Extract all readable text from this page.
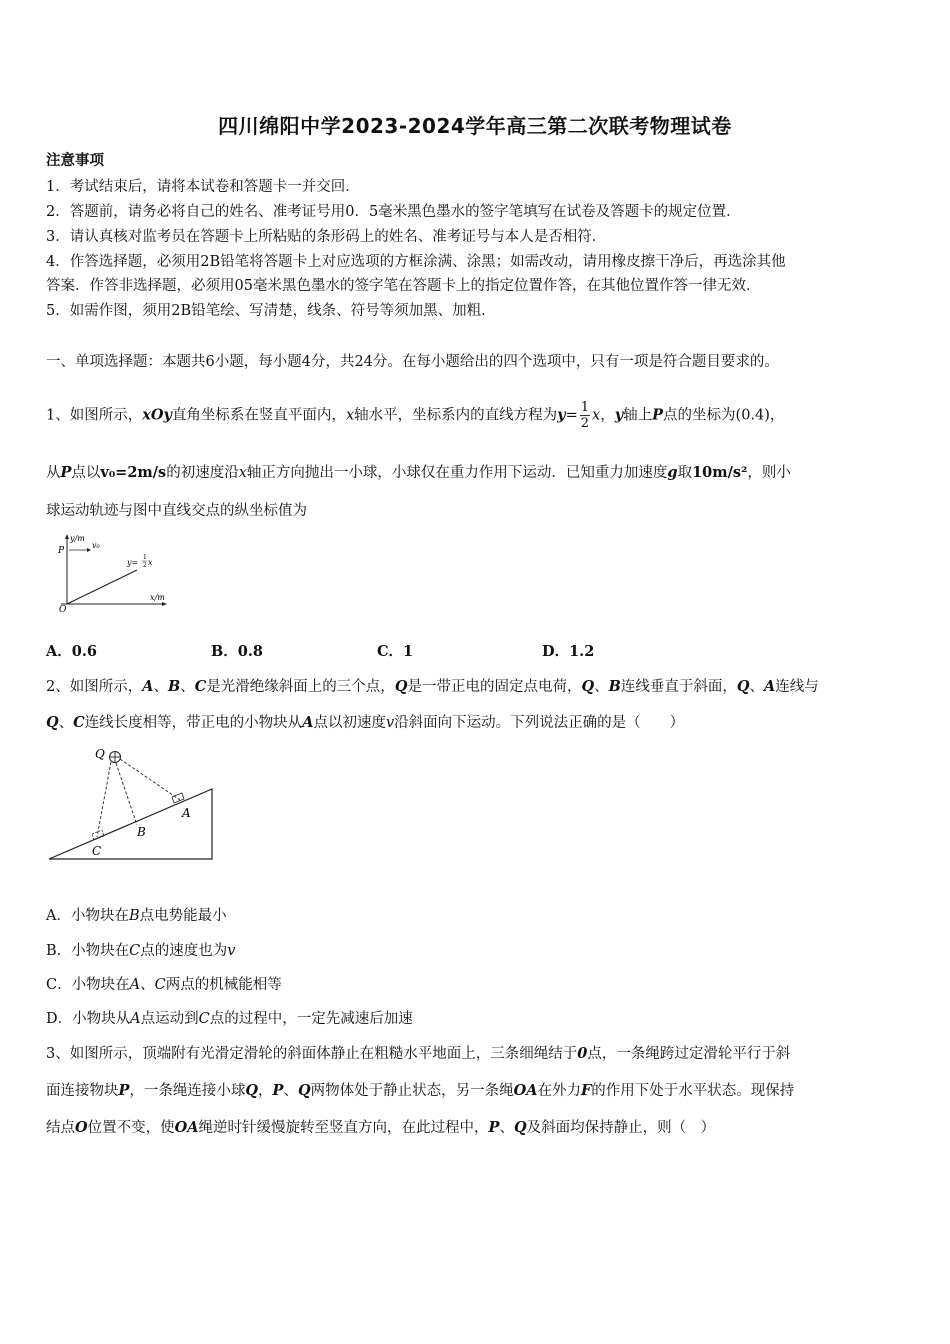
四川绵阳中学2023-2024学年高三第二次联考物理试卷
注意事项
1．考试结束后，请将本试卷和答题卡一并交回．
2．答题前，请务必将自己的姓名、准考证号用0．5毫米黑色墨水的签字笔填写在试卷及答题卡的规定位置．
3．请认真核对监考员在答题卡上所粘贴的条形码上的姓名、准考证号与本人是否相符．
4．作答选择题，必须用2B铅笔将答题卡上对应选项的方框涂满、涂黑；如需改动，请用橡皮擦干净后，再选涂其他
答案．作答非选择题，必须用05毫米黑色墨水的签字笔在答题卡上的指定位置作答，在其他位置作答一律无效．
5．如需作图，须用2B铅笔绘、写清楚，线条、符号等须加黑、加粗．
一、单项选择题：本题共6小题，每小题4分，共24分。在每小题给出的四个选项中，只有一项是符合题目要求的。
1、如图所示，xOy直角坐标系在竖直平面内，x轴水平，坐标系内的直线方程为$y= \frac{1}{2}$ x，y轴上P点的坐标为(0.4)，
从P点以v₀=2m/s的初速度沿x轴正方向抛出一小球，小球仅在重力作用下运动．已知重力加速度g取10m/s²，则小
球运动轨迹与图中直线交点的纵坐标值为
y/m
x/m
P
v₀
O
y=
1
2 x
A．0.6	B．0.8	C．1	D．1.2
2、如图所示，A、B、C是光滑绝缘斜面上的三个点，Q是一带正电的固定点电荷，Q、B连线垂直于斜面，Q、A连线与
Q、C连线长度相等，带正电的小物块从A点以初速度v沿斜面向下运动。下列说法正确的是（　　）
Q
A
B
C
A．小物块在B点电势能最小
B．小物块在C点的速度也为v
C．小物块在A、C两点的机械能相等
D．小物块从A点运动到C点的过程中，一定先减速后加速
3、如图所示，顶端附有光滑定滑轮的斜面体静止在粗糙水平地面上，三条细绳结于0点，一条绳跨过定滑轮平行于斜
面连接物块P，一条绳连接小球Q，P、Q两物体处于静止状态，另一条绳OA在外力F的作用下处于水平状态。现保持
结点O位置不变，使OA绳逆时针缓慢旋转至竖直方向，在此过程中，P、Q及斜面均保持静止，则（　）
